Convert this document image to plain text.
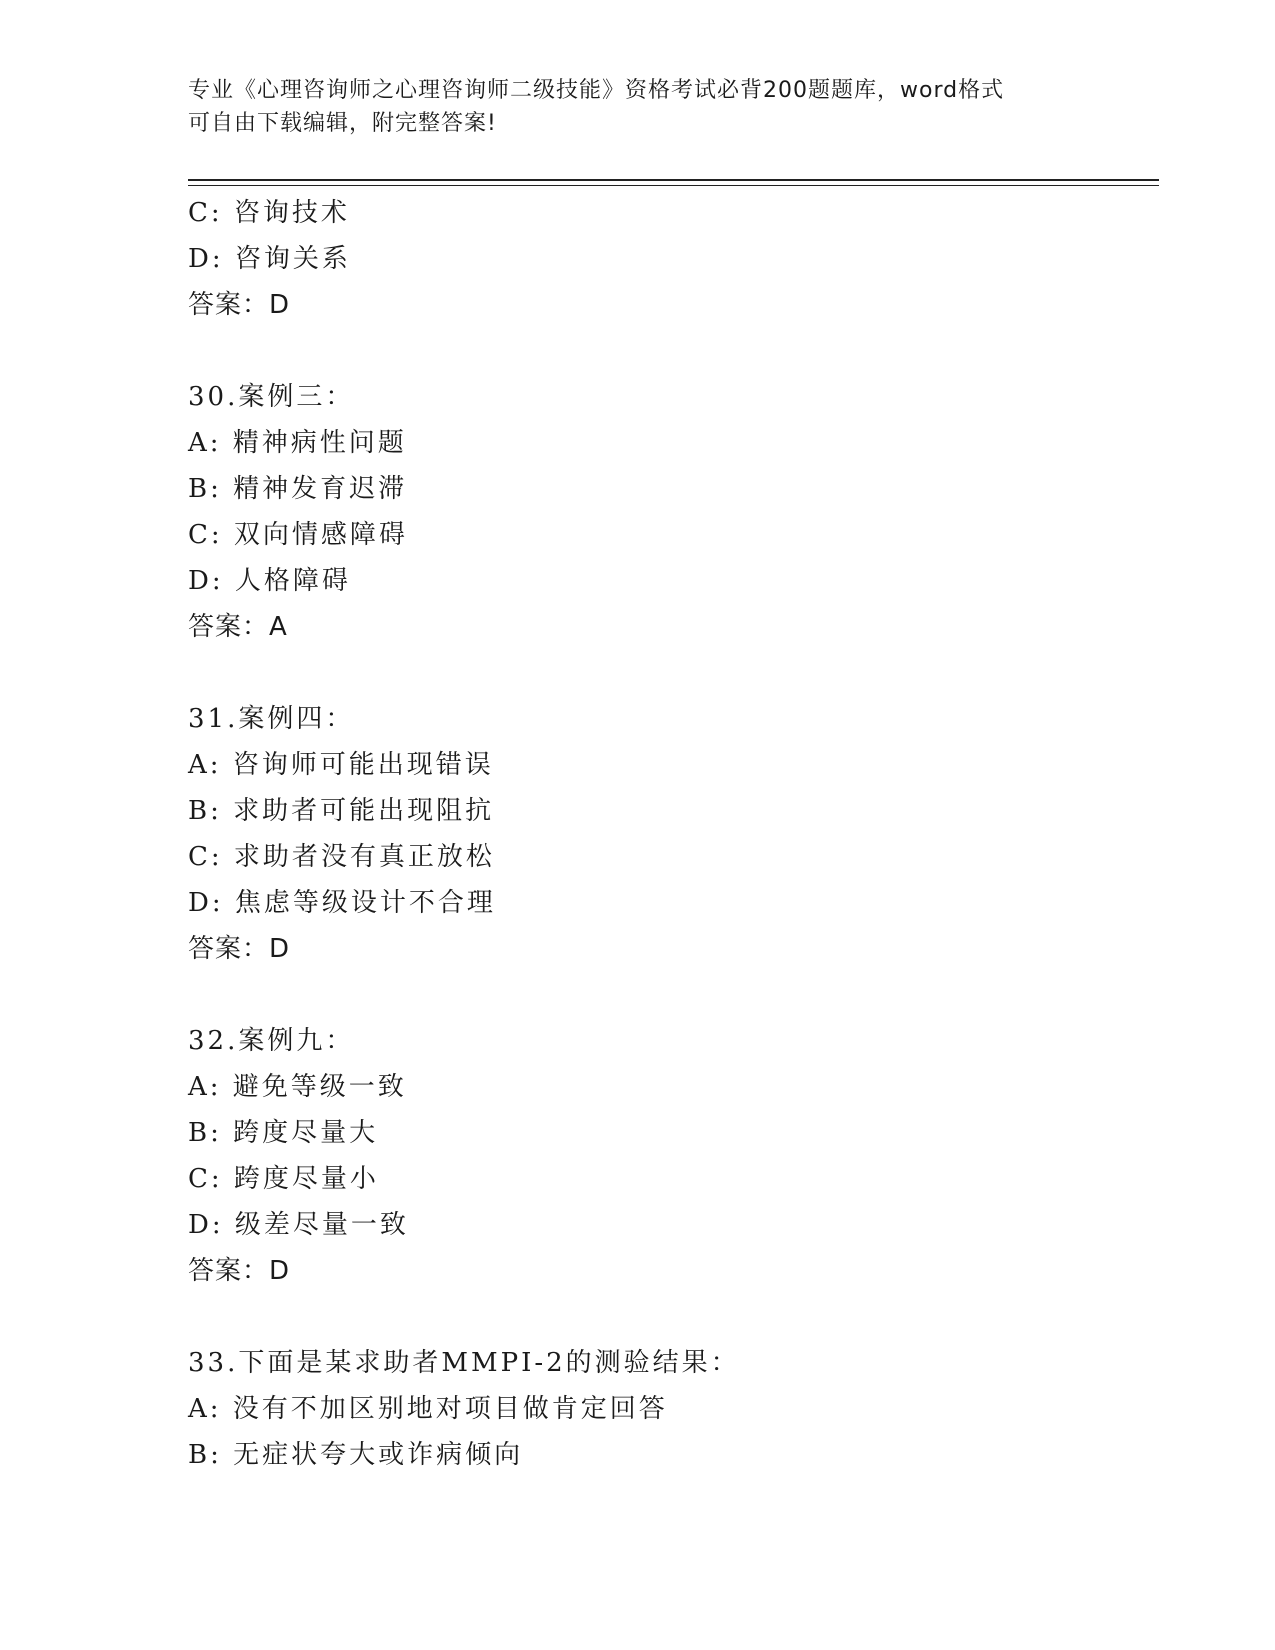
专业《心理咨询师之心理咨询师二级技能》资格考试必背200题题库，word格式
可自由下载编辑，附完整答案!
C: 咨询技术
D: 咨询关系
答案：D
30.案例三：
A: 精神病性问题
B: 精神发育迟滞
C: 双向情感障碍
D: 人格障碍
答案：A
31.案例四：
A: 咨询师可能出现错误
B: 求助者可能出现阻抗
C: 求助者没有真正放松
D: 焦虑等级设计不合理
答案：D
32.案例九：
A: 避免等级一致
B: 跨度尽量大
C: 跨度尽量小
D: 级差尽量一致
答案：D
33.下面是某求助者MMPI-2的测验结果：
A: 没有不加区别地对项目做肯定回答
B: 无症状夸大或诈病倾向
